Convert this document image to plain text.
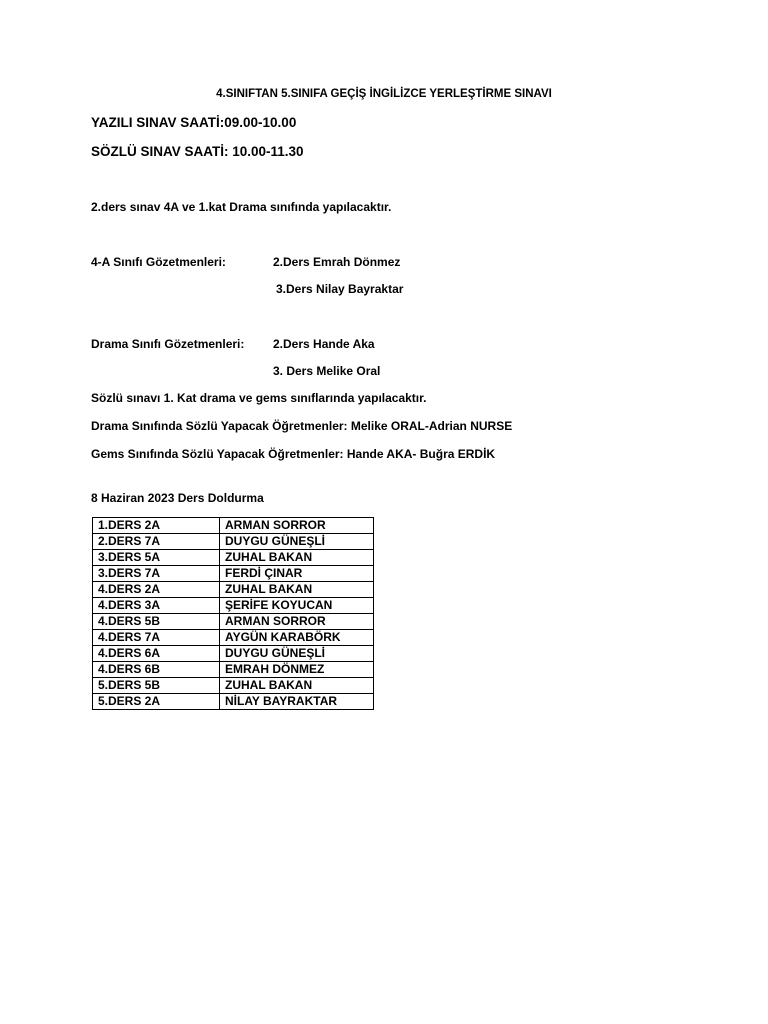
4.SINIFTAN 5.SINIFA GEÇİŞ İNGİLİZCE YERLEŞTİRME SINAVI
YAZILI SINAV SAATİ:09.00-10.00
SÖZLÜ SINAV SAATİ: 10.00-11.30
2.ders sınav 4A ve 1.kat Drama sınıfında yapılacaktır.
4-A Sınıfı Gözetmenleri:	2.Ders Emrah Dönmez
3.Ders Nilay Bayraktar
Drama Sınıfı Gözetmenleri: 2.Ders Hande Aka
3. Ders Melike Oral
Sözlü sınavı 1. Kat drama ve gems sınıflarında yapılacaktır.
Drama Sınıfında Sözlü Yapacak Öğretmenler: Melike ORAL-Adrian NURSE
Gems Sınıfında Sözlü Yapacak Öğretmenler: Hande AKA- Buğra ERDİK
8 Haziran 2023 Ders Doldurma
1.DERS 2A	ARMAN SORROR
2.DERS 7A	DUYGU GÜNEŞLİ
3.DERS 5A	ZUHAL BAKAN
3.DERS 7A	FERDİ ÇINAR
4.DERS 2A	ZUHAL BAKAN
4.DERS 3A	ŞERİFE KOYUCAN
4.DERS 5B	ARMAN SORROR
4.DERS 7A	AYGÜN KARABÖRK
4.DERS 6A	DUYGU GÜNEŞLİ
4.DERS 6B	EMRAH DÖNMEZ
5.DERS 5B	ZUHAL BAKAN
5.DERS 2A	NİLAY BAYRAKTAR
